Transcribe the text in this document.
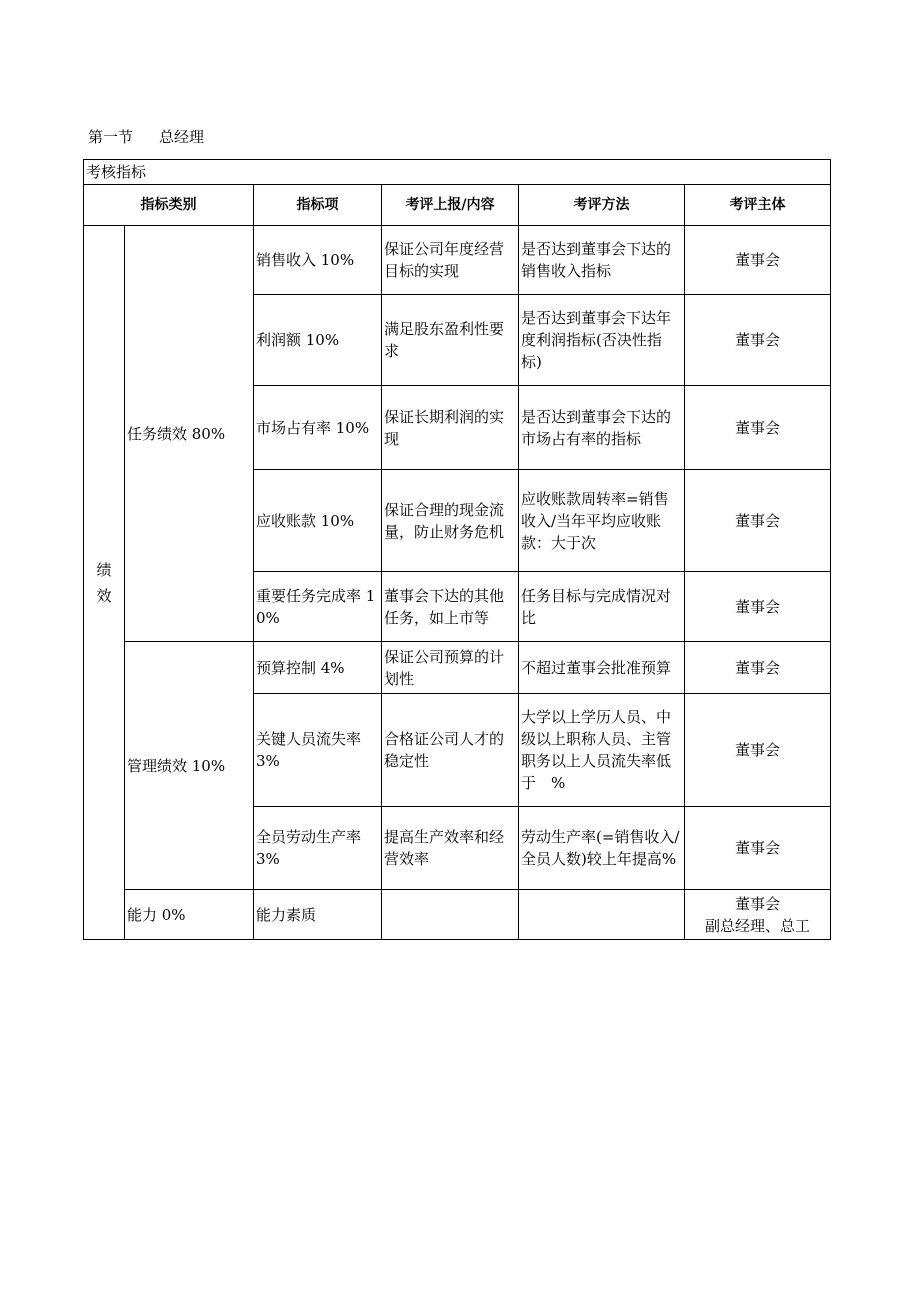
第一节 总经理
考核指标					
指标类别		指标项	考评上报/内容	考评方法	考评主体

绩
效	任务绩效 80%	销售收入 10%	保证公司年度经营目标的实现	是否达到董事会下达的销售收入指标	董事会
		利润额 10%	满足股东盈利性要求	是否达到董事会下达年度利润指标(否决性指标)	董事会
		市场占有率 10%	保证长期利润的实现	是否达到董事会下达的市场占有率的指标	董事会
		应收账款 10%	保证合理的现金流量，防止财务危机	应收账款周转率=销售收入/当年平均应收账款：大于次	董事会
		重要任务完成率 10%	董事会下达的其他任务，如上市等	任务目标与完成情况对比	董事会
	管理绩效 10%	预算控制 4%	保证公司预算的计划性	不超过董事会批准预算	董事会
		关键人员流失率 3%	合格证公司人才的稳定性	大学以上学历人员、中级以上职称人员、主管职务以上人员流失率低于　%	董事会
		全员劳动生产率 3%	提高生产效率和经营效率	劳动生产率(=销售收入/全员人数)较上年提高%	董事会
	能力 0%	能力素质			董事会
副总经理、总工
